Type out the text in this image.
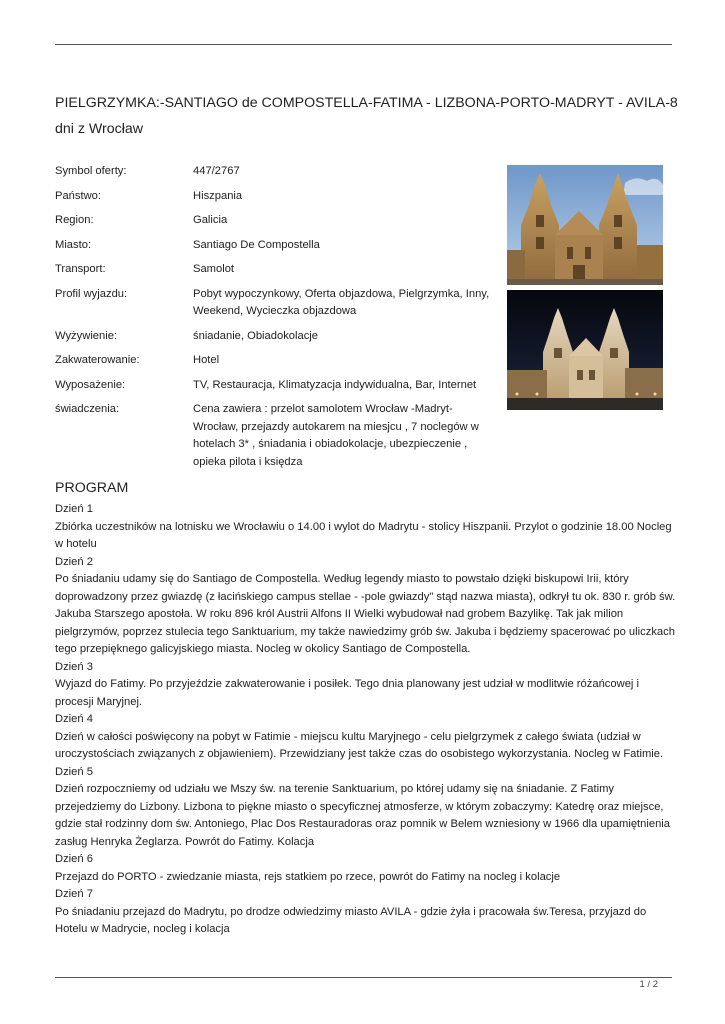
PIELGRZYMKA:-SANTIAGO de COMPOSTELLA-FATIMA - LIZBONA-PORTO-MADRYT - AVILA-8 dni z Wrocław
Symbol oferty:	447/2767
Państwo:	Hiszpania
Region:	Galicia
Miasto:	Santiago De Compostella
Transport:	Samolot
Profil wyjazdu:	Pobyt wypoczynkowy, Oferta objazdowa, Pielgrzymka, Inny, Weekend, Wycieczka objazdowa
Wyżywienie:	śniadanie, Obiadokolacje
Zakwaterowanie:	Hotel
Wyposażenie:	TV, Restauracja, Klimatyzacja indywidualna, Bar, Internet
świadczenia:	Cena zawiera : przelot samolotem Wrocław -Madryt-Wrocław, przejazdy autokarem na miesjcu , 7 noclegów w hotelach 3* , śniadania i obiadokolacje, ubezpieczenie , opieka pilota i księdza
PROGRAM
Dzień 1
Zbiórka uczestników na lotnisku we Wrocławiu o 14.00 i wylot do Madrytu - stolicy Hiszpanii. Przylot o godzinie 18.00 Nocleg w hotelu
Dzień 2
Po śniadaniu udamy się do Santiago de Compostella. Według legendy miasto to powstało dzięki biskupowi Irii, który doprowadzony przez gwiazdę (z łacińskiego campus stellae - -pole gwiazdy" stąd nazwa miasta), odkrył tu ok. 830 r. grób św. Jakuba Starszego apostoła. W roku 896 król Austrii Alfons II Wielki wybudował nad grobem Bazylikę. Tak jak milion pielgrzymów, poprzez stulecia tego Sanktuarium, my także nawiedzimy grób św. Jakuba i będziemy spacerować po uliczkach tego przepięknego galicyjskiego miasta. Nocleg w okolicy Santiago de Compostella.
Dzień 3
Wyjazd do Fatimy. Po przyjeździe zakwaterowanie i posiłek. Tego dnia planowany jest udział w modlitwie różańcowej i procesji Maryjnej.
Dzień 4
Dzień w całości poświęcony na pobyt w Fatimie - miejscu kultu Maryjnego - celu pielgrzymek z całego świata (udział w uroczystościach związanych z objawieniem). Przewidziany jest także czas do osobistego wykorzystania. Nocleg w Fatimie.
Dzień 5
Dzień rozpoczniemy od udziału we Mszy św. na terenie Sanktuarium, po której udamy się na śniadanie. Z Fatimy przejedziemy do Lizbony. Lizbona to piękne miasto o specyficznej atmosferze, w którym zobaczymy: Katedrę oraz miejsce, gdzie stał rodzinny dom św. Antoniego, Plac Dos Restauradoras oraz pomnik w Belem wzniesiony w 1966 dla upamiętnienia zasług Henryka Żeglarza. Powrót do Fatimy. Kolacja
Dzień 6
Przejazd do PORTO - zwiedzanie miasta, rejs statkiem po rzece, powrót do Fatimy na nocleg i kolacje
Dzień 7
Po śniadaniu przejazd do Madrytu, po drodze odwiedzimy miasto AVILA - gdzie żyła i pracowała św.Teresa, przyjazd do Hotelu w Madrycie, nocleg i kolacja
1 / 2
